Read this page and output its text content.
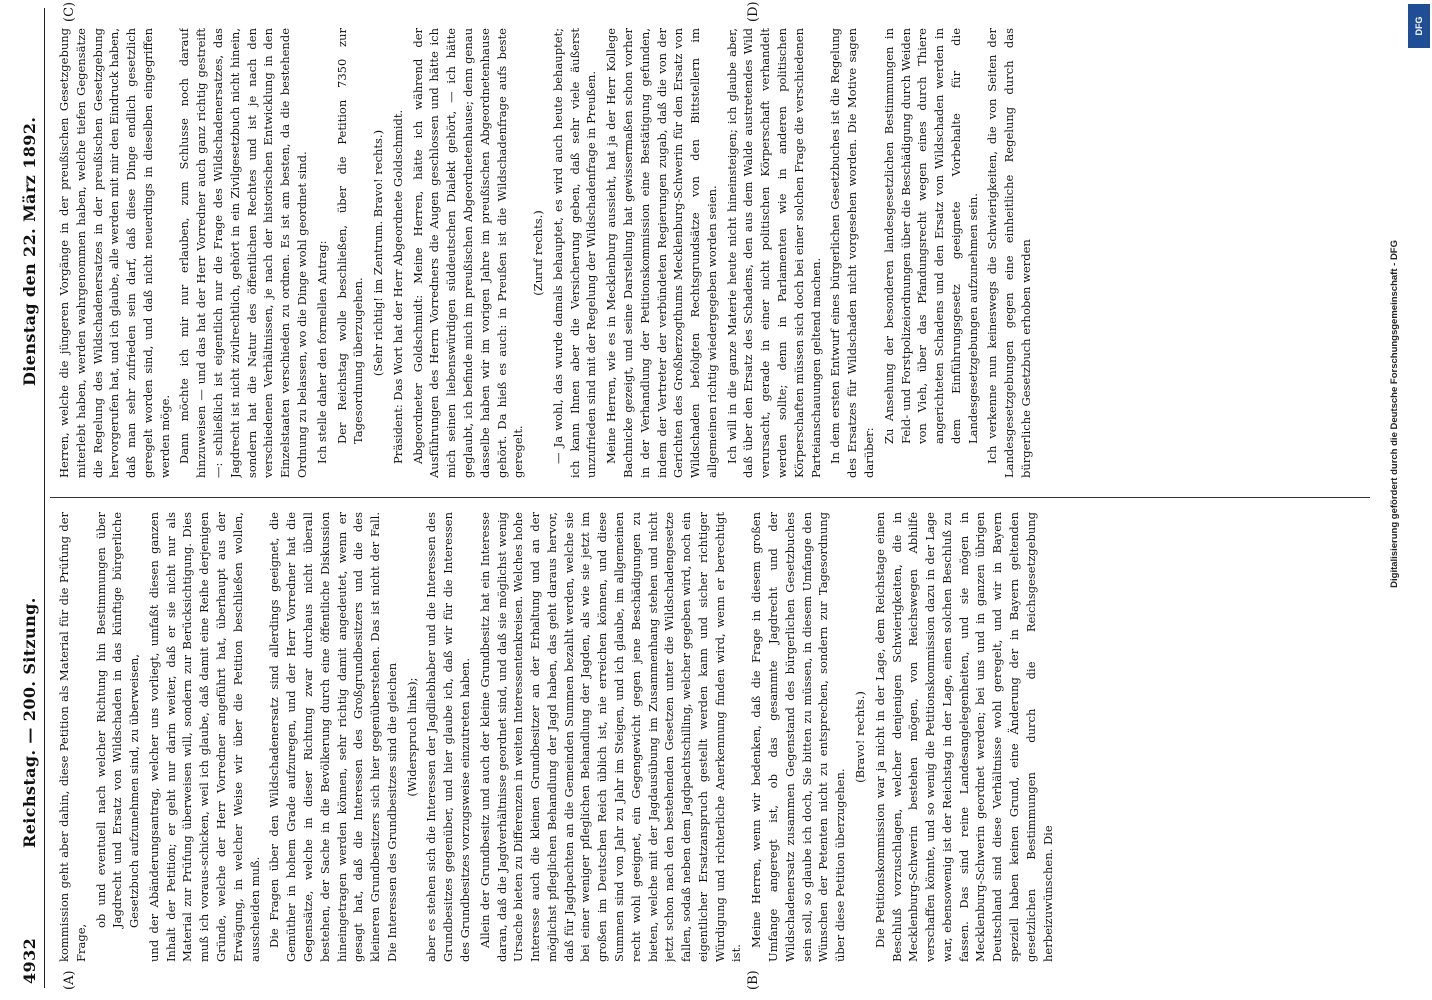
4932
Reichstag. — 200. Sitzung.
Dienstag den 22. März 1892.
(A)	(B)
(C)	(D)

kommission geht aber dahin, diese Petition als Material für die Prüfung der Frage,

ob und eventuell nach welcher Richtung hin Bestimmungen über Jagdrecht und Ersatz von Wildschaden in das künftige bürgerliche Gesetzbuch aufzunehmen sind, zu überweisen, und der Abänderungsantrag, welcher uns vorliegt, umfaßt diesen ganzen Inhalt der Petition; er geht nur darin weiter, daß er sie nicht nur als Material zur Prüfung überweisen will, sondern zur Berücksichtigung. Dies muß ich voraus-schicken, weil ich glaube, daß damit eine Reihe derjenigen Gründe, welche der Herr Vorredner angeführt hat, überhaupt aus der Erwägung, in welcher Weise wir über die Petition beschließen wollen, ausscheiden muß. Die Fragen über den Wildschadenersatz sind allerdings geeignet, die Gemüther in hohem Grade aufzuregen, und der Herr Vorredner hat die Gegensätze, welche in dieser Richtung zwar durchaus nicht überall bestehen, der Sache in die Bevölkerung durch eine öffentliche Diskussion hineingetragen werden können, sehr richtig damit angedeutet, wenn er gesagt hat, daß die Interessen des Großgrundbesitzers und die des kleineren Grundbesitzers sich hier gegenüberstehen. Das ist nicht der Fall. Die Interessen des Grundbesitzes sind die gleichen (Widerspruch links); aber es stehen sich die Interessen der Jagdliebhaber und die Interessen des Grundbesitzes gegenüber, und hier glaube ich, daß wir für die Interessen des Grundbesitzes vorzugsweise einzutreten haben. Allein der Grundbesitz und auch der kleine Grundbesitz hat ein Interesse daran, daß die Jagdverhältnisse geordnet sind, und daß sie möglichst wenig Ursache bieten zu Differenzen in weiten Interessentenkreisen. Welches hohe Interesse auch die kleinen Grundbesitzer an der Erhaltung und an der möglichst pfleglichen Behandlung der Jagd haben, das geht daraus hervor, daß für Jagdpachten an die Gemeinden Summen bezahlt werden, welche sie bei einer weniger pfleglichen Behandlung der Jagden, als wie sie jetzt im großen im Deutschen Reich üblich ist, nie erreichen können, und diese Summen sind von Jahr zu Jahr im Steigen, und ich glaube, im allgemeinen recht wohl geeignet, ein Gegengewicht gegen jene Beschädigungen zu bieten, welche mit der Jagdausübung im Zusammenhang stehen und nicht jetzt schon nach den bestehenden Gesetzen unter die Wildschadengesetze fallen, sodaß neben dem Jagdpachtschilling, welcher gegeben wird, noch ein eigentlicher Ersatzanspruch gestellt werden kann und sicher richtiger Würdigung und richterliche Anerkennung finden wird, wenn er berechtigt ist.

Meine Herren, wenn wir bedenken, daß die Frage in diesem großen Umfange angeregt ist, ob das gesammte Jagdrecht und der Wildschadenersatz zusammen Gegenstand des bürgerlichen Gesetzbuches sein soll, so glaube ich doch, Sie bitten zu müssen, in diesem Umfange den Wünschen der Petenten nicht zu entsprechen, sondern zur Tagesordnung über diese Petition überzugehen.

(Bravo! rechts.) Die Petitionskommission war ja nicht in der Lage, dem Reichstage einen Beschluß vorzuschlagen, welcher denjenigen Schwierigkeiten, die in Mecklenburg-Schwerin bestehen mögen, von Reichswegen Abhilfe verschaffen könnte, und so wenig die Petitionskommission dazu in der Lage war, ebensowenig ist der Reichstag in der Lage, einen solchen Beschluß zu fassen. Das sind reine Landesangelegenheiten, und sie mögen in Mecklenburg-Schwerin geordnet werden; bei uns und in ganzen übrigen Deutschland sind diese Verhältnisse wohl geregelt, und wir in Bayern speziell haben keinen Grund, eine Änderung der in Bayern geltenden gesetzlichen Bestimmungen durch die Reichsgesetzgebung herbeizuwünschen. Die

Herren, welche die jüngeren Vorgänge in der preußischen Gesetzgebung miterlebt haben, werden wahrgenommen haben, welche tiefen Gegensätze die Regelung des Wildschadenersatzes in der preußischen Gesetzgebung hervorgerufen hat, und ich glaube, alle werden mit mir den Eindruck haben, daß man sehr zufrieden sein darf, daß diese Dinge endlich gesetzlich geregelt worden sind, und daß nicht neuerdings in dieselben eingegriffen werden möge. Dann möchte ich mir nur erlauben, zum Schlusse noch darauf hinzuweisen — und das hat der Herr Vorredner auch ganz richtig gestreift —: schließlich ist eigentlich nur die Frage des Wildschadenersatzes, das Jagdrecht ist nicht zivilrechtlich, gehört in ein Zivilgesetzbuch nicht hinein, sondern hat die Natur des öffentlichen Rechtes und ist je nach den verschiedenen Verhältnissen, je nach der historischen Entwicklung in den Einzelstaaten verschieden zu ordnen. Es ist am besten, da die bestehende Ordnung zu belassen, wo die Dinge wohl geordnet sind. Ich stelle daher den formellen Antrag: Der Reichstag wolle beschließen, über die Petition 7350 zur Tagesordnung überzugehen. (Sehr richtig! im Zentrum. Bravo! rechts.) Präsident: Das Wort hat der Herr Abgeordnete Goldschmidt. Abgeordneter Goldschmidt: Meine Herren, hätte ich während der Ausführungen des Herrn Vorredners die Augen geschlossen und hätte ich mich seinen liebenswürdigen süddeutschen Dialekt gehört, — ich hätte geglaubt, ich befinde mich im preußischen Abgeordnetenhause; denn genau dasselbe haben wir im vorigen Jahre im preußischen Abgeordnetenhause gehört. Da hieß es auch: in Preußen ist die Wildschadenfrage aufs beste geregelt.

(Zuruf rechts.) — Ja wohl, das wurde damals behauptet, es wird auch heute behauptet; ich kann Ihnen aber die Versicherung geben, daß sehr viele äußerst unzufrieden sind mit der Regelung der Wildschadenfrage in Preußen. Meine Herren, wie es in Mecklenburg aussieht, hat ja der Herr Kollege Bachnicke gezeigt, und seine Darstellung hat gewissermaßen schon vorher in der Verhandlung der Petitionskommission eine Bestätigung gefunden, indem der Vertreter der verbündeten Regierungen zugab, daß die von der Gerichten des Großherzogthums Mecklenburg-Schwerin für den Ersatz von Wildschaden befolgten Rechtsgrundsätze von den Bittstellern im allgemeinen richtig wiedergegeben worden seien. Ich will in die ganze Materie heute nicht hineinsteigen; ich glaube aber, daß über den Ersatz des Schadens, den aus dem Walde austretendes Wild verursacht, gerade in einer nicht politischen Körperschaft verhandelt werden sollte; denn in Parlamenten wie in anderen politischen Körperschaften müssen sich doch bei einer solchen Frage die verschiedenen Parteianschauungen geltend machen. In dem ersten Entwurf eines bürgerlichen Gesetzbuches ist die Regelung des Ersatzes für Wildschaden nicht vorgesehen worden. Die Motive sagen darüber:

Zu Ansehung der besonderen landesgesetzlichen Bestimmungen in Feld- und Forstpolizeiordnungen über die Beschädigung durch Weiden von Vieh, über das Pfandungsrecht wegen eines durch Thiere angerichteten Schadens und den Ersatz von Wildschaden werden in dem Einführungsgesetz geeignete Vorbehalte für die Landesgesetzgebungen aufzunehmen sein. Ich verkenne nun keineswegs die Schwierigkeiten, die von Seiten der Landesgesetzgebungen gegen eine einheitliche Regelung durch das bürgerliche Gesetzbuch erhoben werden	Digitalisierung gefördert durch die Deutsche Forschungsgemeinschaft - DFG
DFG
